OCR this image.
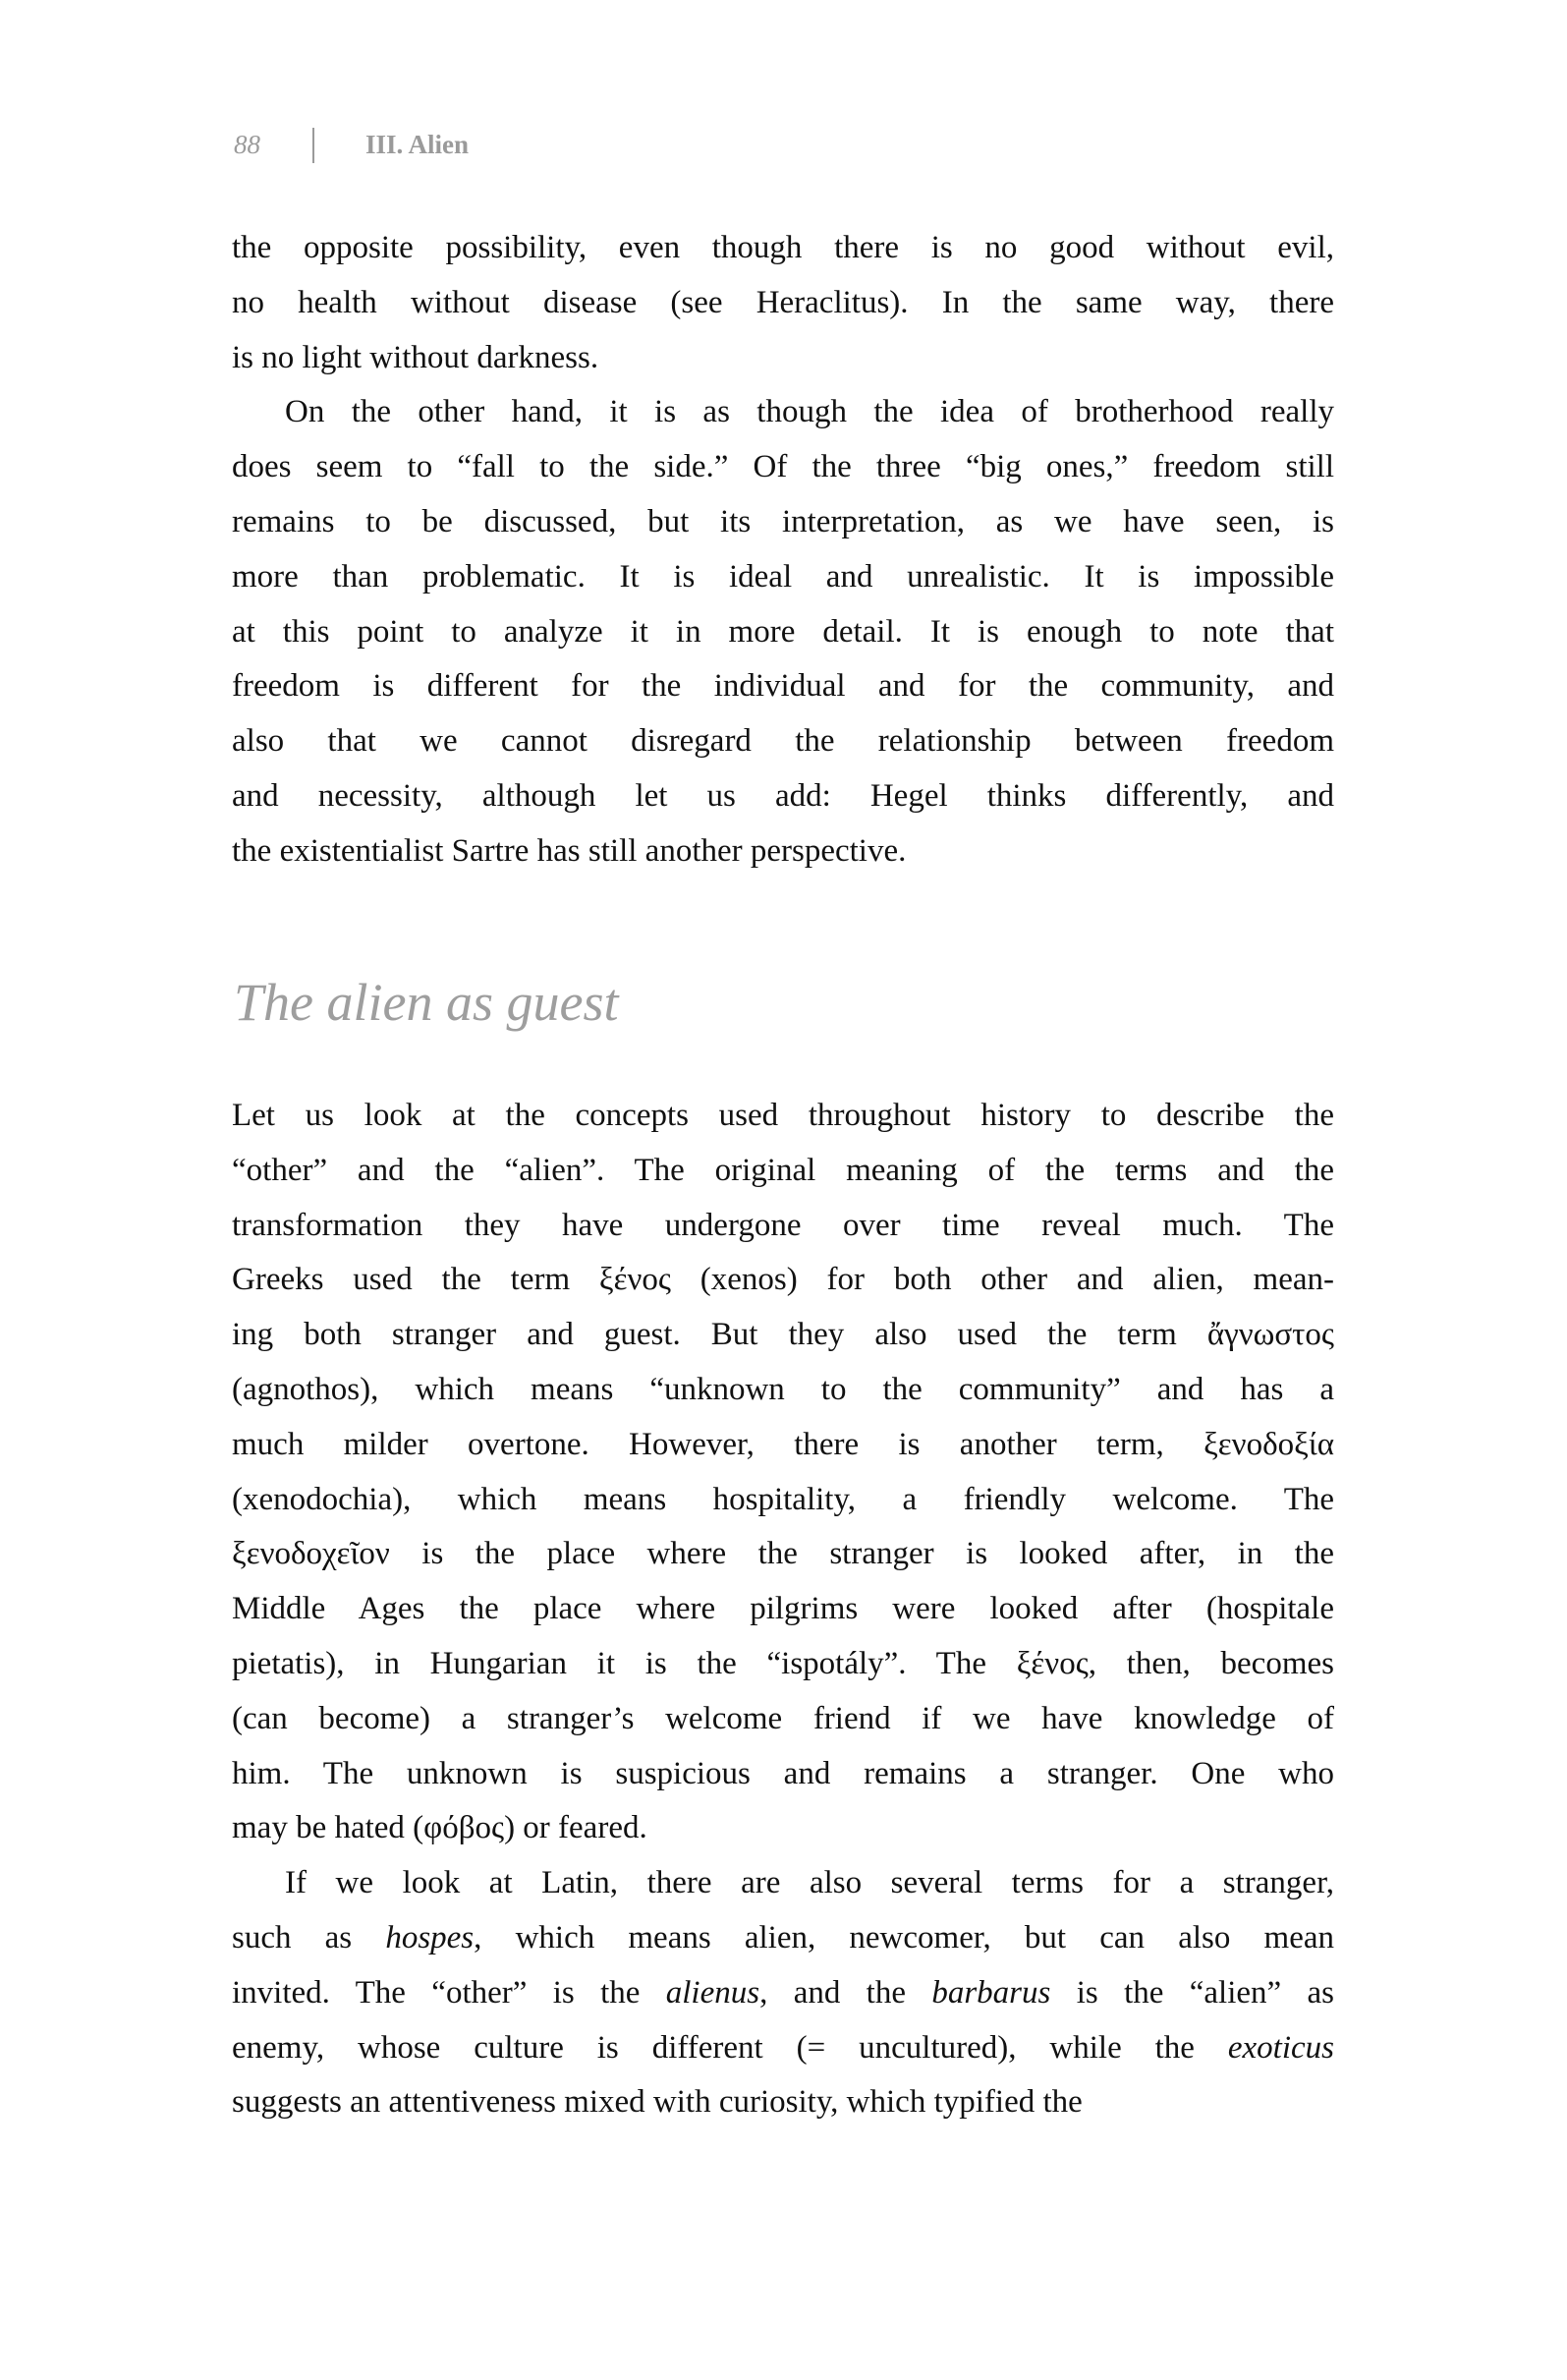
88	III. Alien
the opposite possibility, even though there is no good without evil,
no health without disease (see Heraclitus). In the same way, there
is no light without darkness.
On the other hand, it is as though the idea of brotherhood really
does seem to “fall to the side.” Of the three “big ones,” freedom still
remains to be discussed, but its interpretation, as we have seen, is
more than problematic. It is ideal and unrealistic. It is impossible
at this point to analyze it in more detail. It is enough to note that
freedom is different for the individual and for the community, and
also that we cannot disregard the relationship between freedom
and necessity, although let us add: Hegel thinks differently, and
the existentialist Sartre has still another perspective.
The alien as guest
Let us look at the concepts used throughout history to describe the
“other” and the “alien”. The original meaning of the terms and the
transformation they have undergone over time reveal much. The
Greeks used the term ξένος (xenos) for both other and alien, mean-
ing both stranger and guest. But they also used the term ἄγνωστος
(agnothos), which means “unknown to the community” and has a
much milder overtone. However, there is another term, ξενοδοξία
(xenodochia), which means hospitality, a friendly welcome. The
ξενοδοχεῖον is the place where the stranger is looked after, in the
Middle Ages the place where pilgrims were looked after (hospitale
pietatis), in Hungarian it is the “ispotály”. The ξένος, then, becomes
(can become) a stranger’s welcome friend if we have knowledge of
him. The unknown is suspicious and remains a stranger. One who
may be hated (φόβος) or feared.
If we look at Latin, there are also several terms for a stranger,
such as hospes, which means alien, newcomer, but can also mean
invited. The “other” is the alienus, and the barbarus is the “alien” as
enemy, whose culture is different (= uncultured), while the exoticus
suggests an attentiveness mixed with curiosity, which typified the
